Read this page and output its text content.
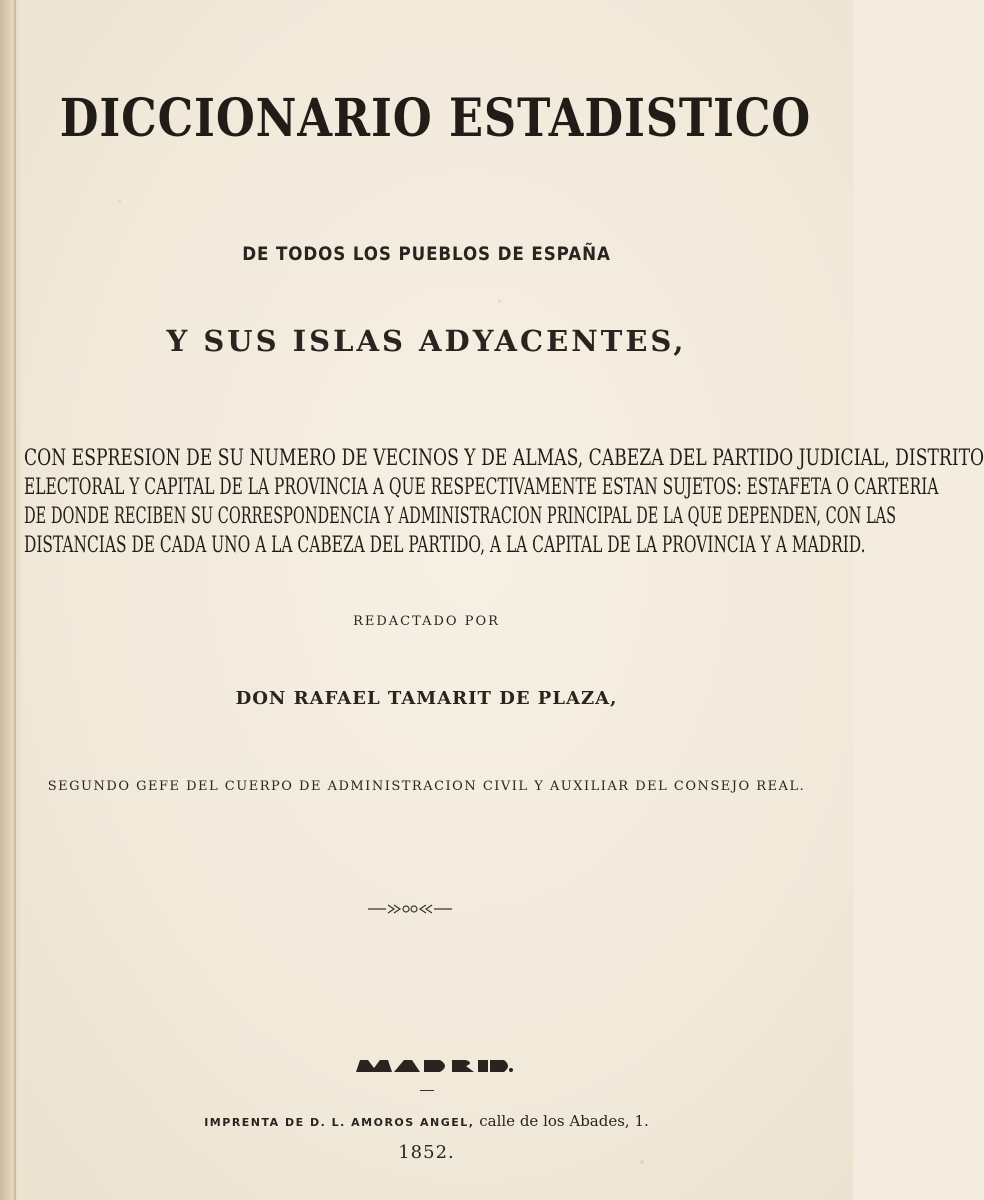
DICCIONARIO ESTADISTICO
DE TODOS LOS PUEBLOS DE ESPAÑA
Y SUS ISLAS ADYACENTES,
CON ESPRESION DE SU NUMERO DE VECINOS Y DE ALMAS, CABEZA DEL PARTIDO JUDICIAL, DISTRITO
ELECTORAL Y CAPITAL DE LA PROVINCIA A QUE RESPECTIVAMENTE ESTAN SUJETOS: ESTAFETA O CARTERIA
DE DONDE RECIBEN SU CORRESPONDENCIA Y ADMINISTRACION PRINCIPAL DE LA QUE DEPENDEN, CON LAS
DISTANCIAS DE CADA UNO A LA CABEZA DEL PARTIDO, A LA CAPITAL DE LA PROVINCIA Y A MADRID.
REDACTADO POR
DON RAFAEL TAMARIT DE PLAZA,
SEGUNDO GEFE DEL CUERPO DE ADMINISTRACION CIVIL Y AUXILIAR DEL CONSEJO REAL.
IMPRENTA DE D. L. AMOROS ANGEL, calle de los Abades, 1.
1852.
